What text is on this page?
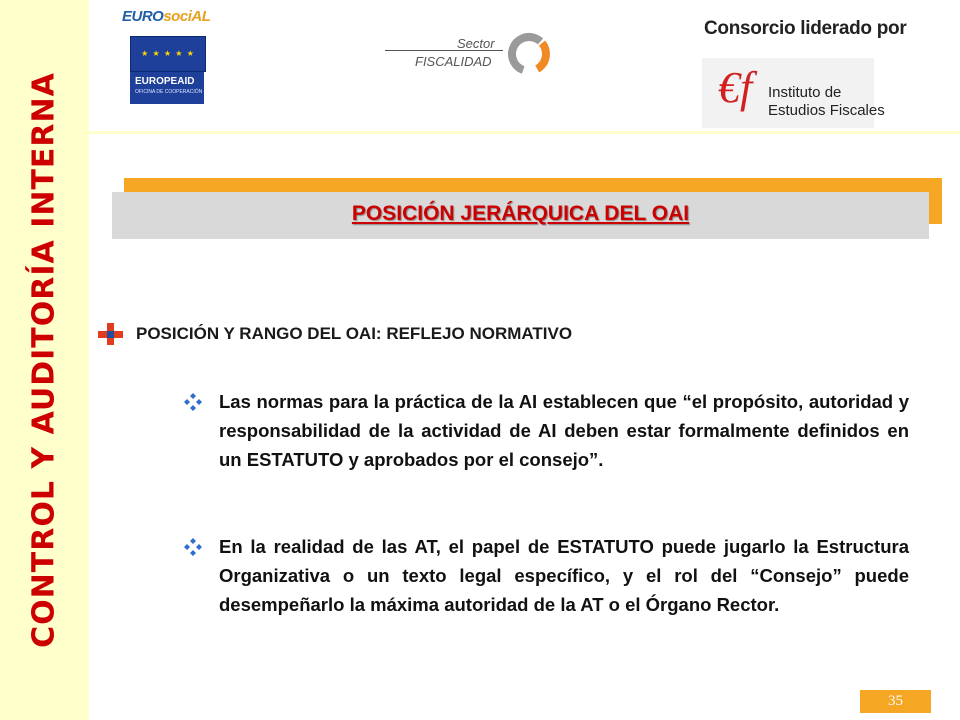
CONTROL Y AUDITORÍA INTERNA
EUROsociAL
★ ★ ★ ★ ★
EUROPEAID
OFICINA DE COOPERACIÓN
Sector
FISCALIDAD
Consorcio liderado por
€f Instituto de
Estudios Fiscales
POSICIÓN JERÁRQUICA DEL OAI
POSICIÓN Y RANGO DEL OAI: REFLEJO NORMATIVO
Las normas para la práctica de la AI establecen que “el propósito, autoridad y responsabilidad de la actividad de AI deben estar formalmente definidos en un ESTATUTO y aprobados por el consejo”.
En la realidad de las AT, el papel de ESTATUTO puede jugarlo la Estructura Organizativa o un texto legal específico, y el rol del “Consejo” puede desempeñarlo la máxima autoridad de la AT o el Órgano Rector.
35
